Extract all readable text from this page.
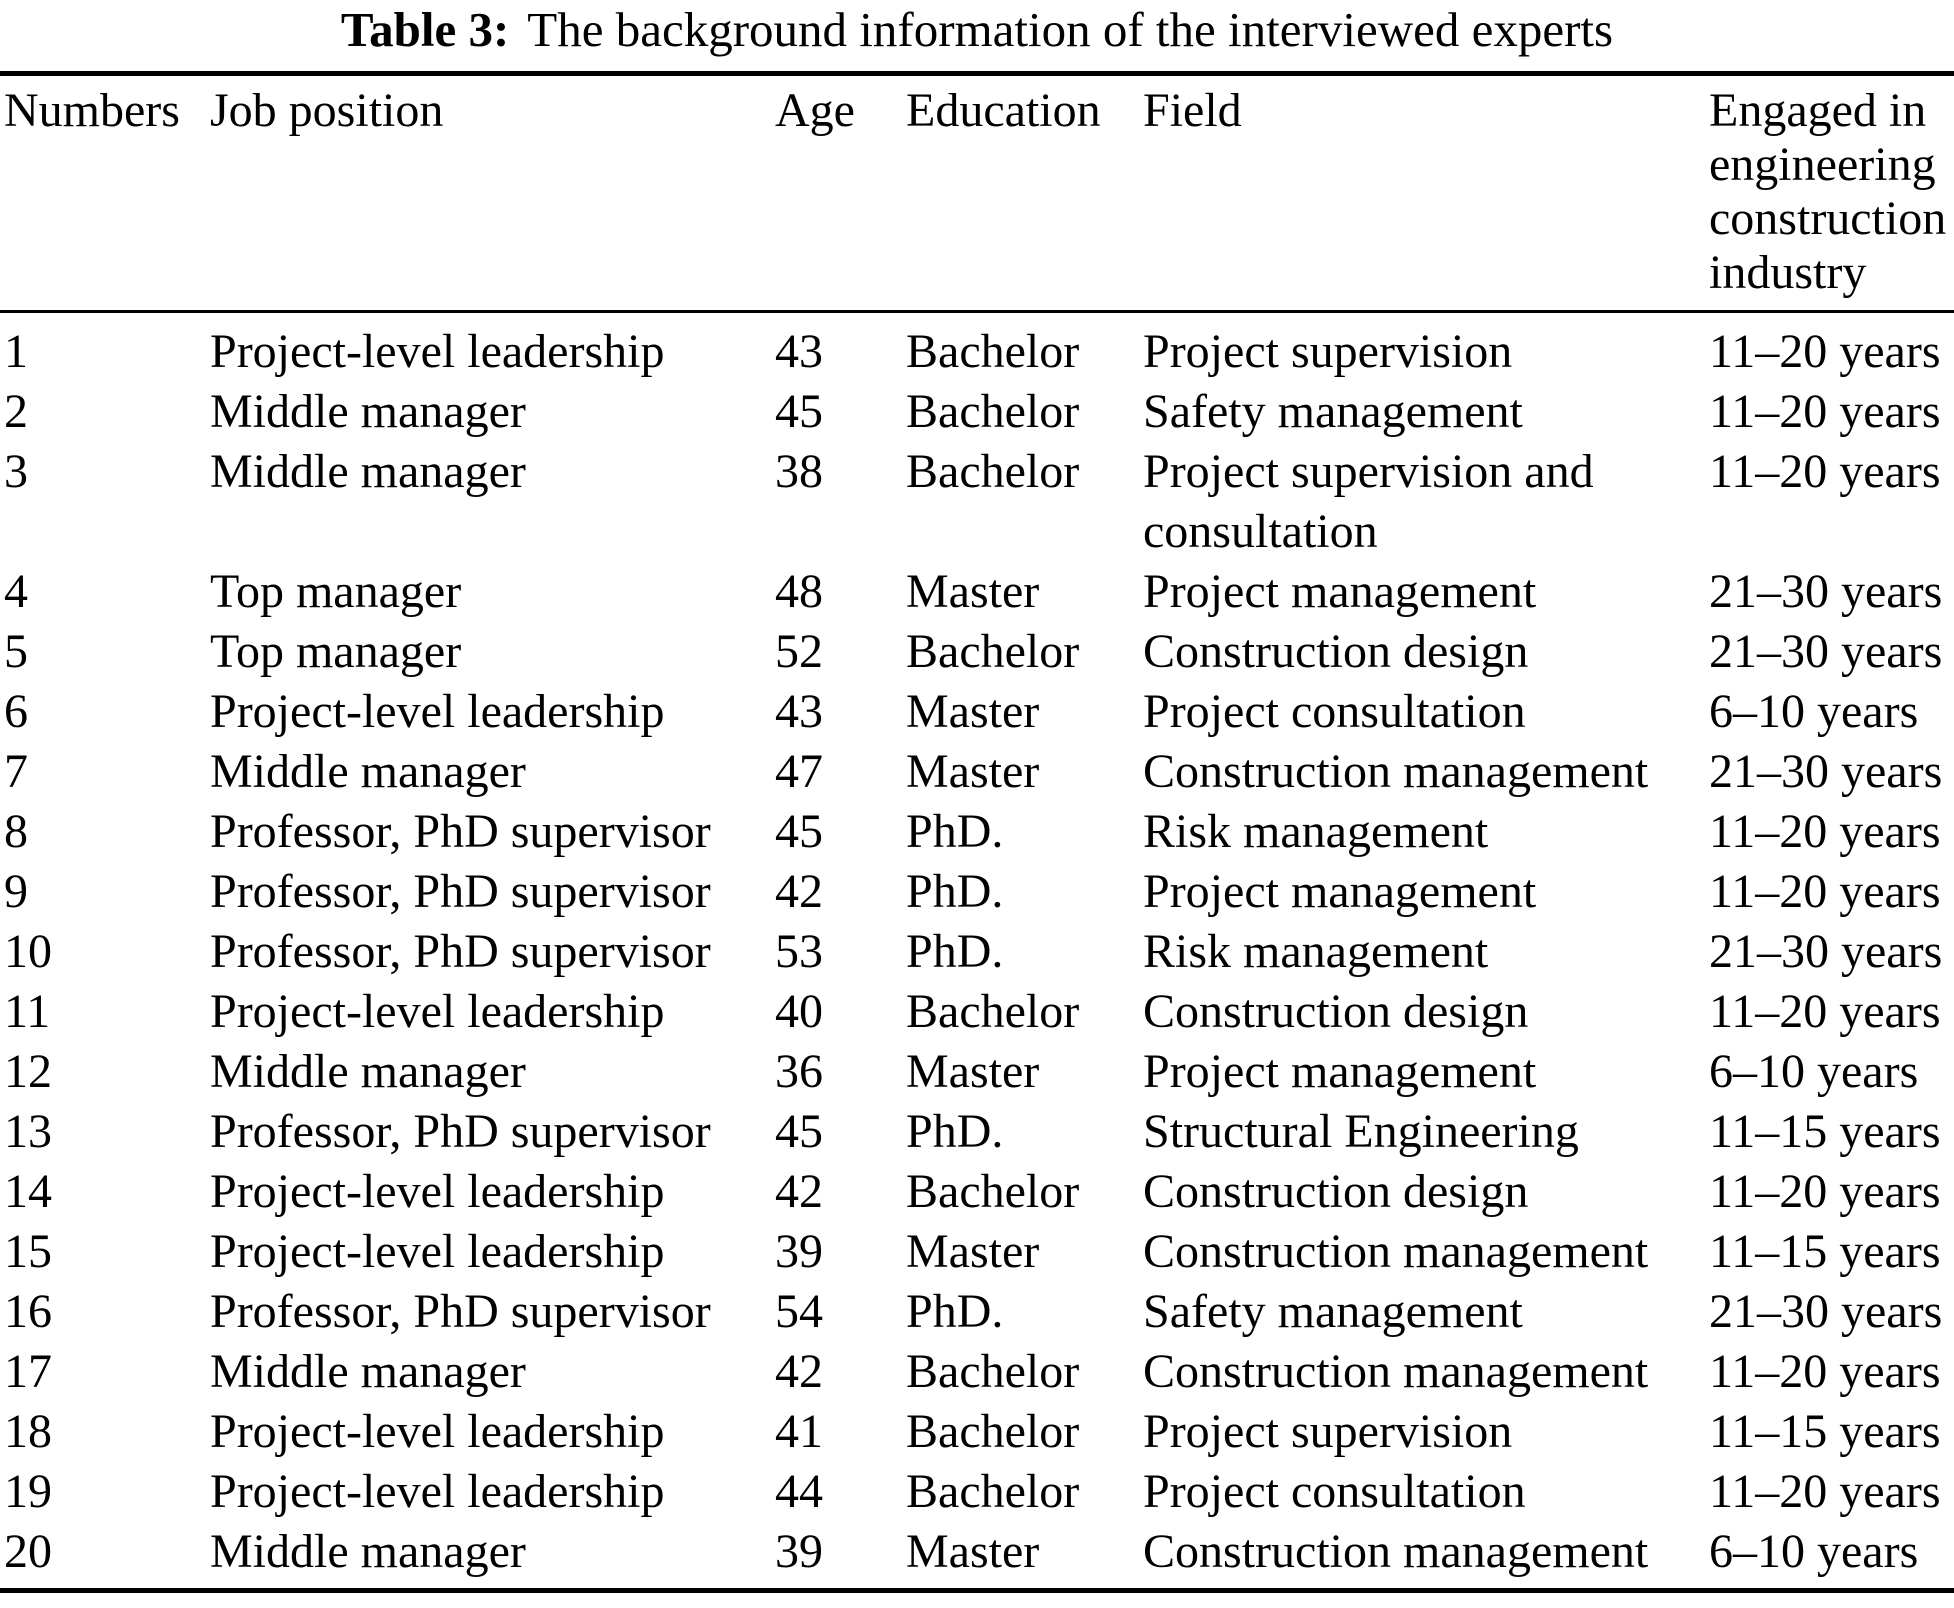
Table 3: The background information of the interviewed experts
Numbers	Job position	Age	Education	Field	Engaged in engineering construction industry
1	Project-level leadership	43	Bachelor	Project supervision	11–20 years
2	Middle manager	45	Bachelor	Safety management	11–20 years
3	Middle manager	38	Bachelor	Project supervision and consultation	11–20 years
4	Top manager	48	Master	Project management	21–30 years
5	Top manager	52	Bachelor	Construction design	21–30 years
6	Project-level leadership	43	Master	Project consultation	6–10 years
7	Middle manager	47	Master	Construction management	21–30 years
8	Professor, PhD supervisor	45	PhD.	Risk management	11–20 years
9	Professor, PhD supervisor	42	PhD.	Project management	11–20 years
10	Professor, PhD supervisor	53	PhD.	Risk management	21–30 years
11	Project-level leadership	40	Bachelor	Construction design	11–20 years
12	Middle manager	36	Master	Project management	6–10 years
13	Professor, PhD supervisor	45	PhD.	Structural Engineering	11–15 years
14	Project-level leadership	42	Bachelor	Construction design	11–20 years
15	Project-level leadership	39	Master	Construction management	11–15 years
16	Professor, PhD supervisor	54	PhD.	Safety management	21–30 years
17	Middle manager	42	Bachelor	Construction management	11–20 years
18	Project-level leadership	41	Bachelor	Project supervision	11–15 years
19	Project-level leadership	44	Bachelor	Project consultation	11–20 years
20	Middle manager	39	Master	Construction management	6–10 years
